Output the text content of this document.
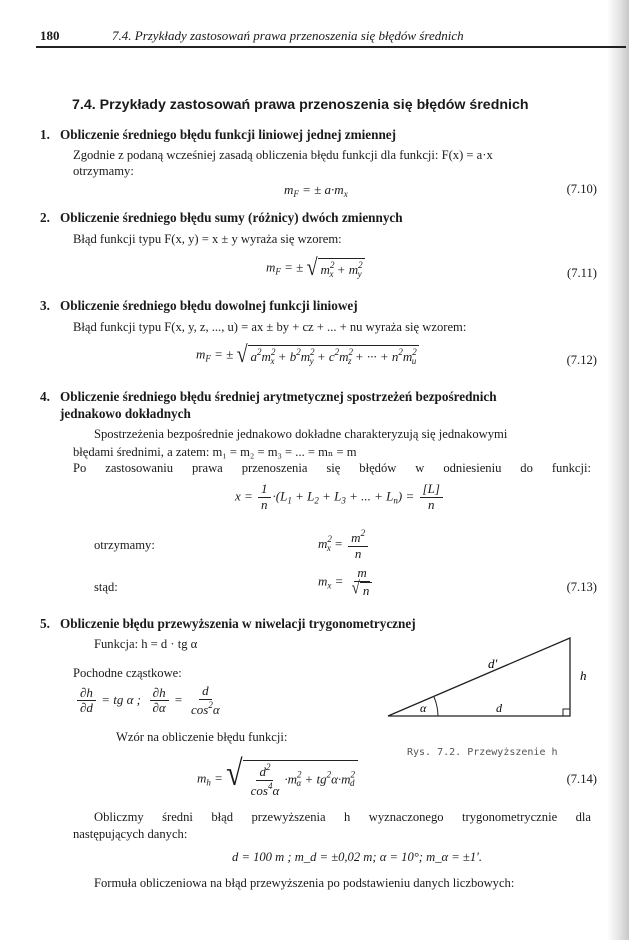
180	7.4. Przykłady zastosowań prawa przenoszenia się błędów średnich
7.4. Przykłady zastosowań prawa przenoszenia się błędów średnich
1. Obliczenie średniego błędu funkcji liniowej jednej zmiennej
Zgodnie z podaną wcześniej zasadą obliczenia błędu funkcji dla funkcji: F(x) = a·x
otrzymamy:
$m_F$ = ± $a\cdot m_x$	(7.10)
2. Obliczenie średniego błędu sumy (różnicy) dwóch zmiennych
Błąd funkcji typu F(x, y) = x ± y wyraża się wzorem:
$m_F$ = ± √ $m^2_x + m^2_y$	(7.11)
3. Obliczenie średniego błędu dowolnej funkcji liniowej
Błąd funkcji typu F(x, y, z, ..., u) = ax ± by + cz + ... + nu wyraża się wzorem:
$m_F$ = ± √ $a^2m^2_x + b^2m^2_y + c^2m^2_z$ + ··· + $n^2m^2_u$	(7.12)
4. Obliczenie średniego błędu średniej arytmetycznej spostrzeżeń bezpośrednich
jednakowo dokładnych
Spostrzeżenia bezpośrednie jednakowo dokładne charakteryzują się jednakowymi
błędami średnimi, a zatem: m₁ = m₂ = m₃ = ... = mₙ = m
Po zastosowaniu prawa przenoszenia się błędów w odniesieniu do funkcji:
$x = \frac{1}{n} \cdot(L_1 + L_2 + L_3$ + ... + $L_n) = \frac{[L]}{n}$
otrzymamy:	$m^2_x = \frac{m^2}{n}$
stąd:	$m_x = \frac{m}{√ n}$	(7.13)
5. Obliczenie błędu przewyższenia w niwelacji trygonometrycznej
Funkcja: h = d · tg α
Pochodne cząstkowe:
$\frac{\partial h}{\partial d}$ = tg α ; $\frac{\partial h}{\partial\alpha} = \frac{d}{\cos^2\alpha}$
Wzór na obliczenie błędu funkcji:
d′
h
α	d
Rys. 7.2. Przewyższenie h
$m_h$ = √ $\frac{d^2}{\cos^4\alpha} \cdot m^2_\alpha + tg^2\alpha\cdot m^2_d$	(7.14)
Obliczmy średni błąd przewyższenia h wyznaczonego trygonometrycznie dla
następujących danych:
d = 100 m ; m_d = ±0,02 m; α = 10°; m_α = ±1′.
Formuła obliczeniowa na błąd przewyższenia po podstawieniu danych liczbowych:
